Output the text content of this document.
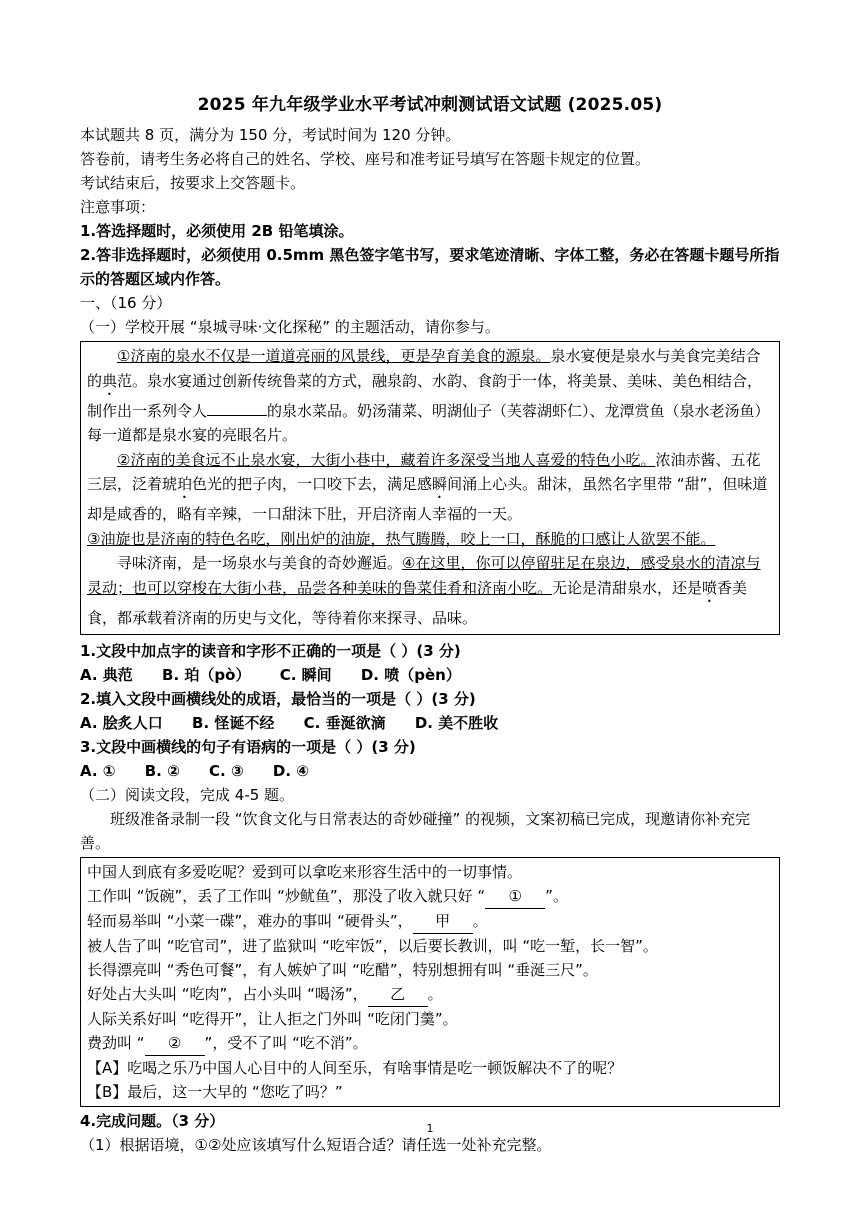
2025 年九年级学业水平考试冲刺测试语文试题 (2025.05)
本试题共 8 页，满分为 150 分，考试时间为 120 分钟。
答卷前，请考生务必将自己的姓名、学校、座号和准考证号填写在答题卡规定的位置。
考试结束后，按要求上交答题卡。
注意事项：
1.答选择题时，必须使用 2B 铅笔填涂。
2.答非选择题时，必须使用 0.5mm 黑色签字笔书写，要求笔迹清晰、字体工整，务必在答题卡题号所指示的答题区域内作答。
一、（16 分）
（一）学校开展 “泉城寻味·文化探秘” 的主题活动，请你参与。
①济南的泉水不仅是一道道亮丽的风景线，更是孕育美食的源泉。泉水宴便是泉水与美食完美结合的典范。泉水宴通过创新传统鲁菜的方式，融泉韵、水韵、食韵于一体，将美景、美味、美色相结合，制作出一系列令人	的泉水菜品。奶汤蒲菜、明湖仙子（芙蓉湖虾仁）、龙潭赏鱼（泉水老汤鱼）每一道都是泉水宴的亮眼名片。
②济南的美食远不止泉水宴，大街小巷中，藏着许多深受当地人喜爱的特色小吃。浓油赤酱、五花三层，泛着琥珀色光的把子肉，一口咬下去，满足感瞬间涌上心头。甜沫，虽然名字里带 “甜”，但味道却是咸香的，略有辛辣，一口甜沫下肚，开启济南人幸福的一天。
③油旋也是济南的特色名吃，刚出炉的油旋，热气腾腾，咬上一口，酥脆的口感让人欲罢不能。
寻味济南，是一场泉水与美食的奇妙邂逅。④在这里，你可以停留驻足在泉边，感受泉水的清凉与灵动；也可以穿梭在大街小巷，品尝各种美味的鲁菜佳肴和济南小吃。无论是清甜泉水，还是喷香美食，都承载着济南的历史与文化，等待着你来探寻、品味。
1.文段中加点字的读音和字形不正确的一项是（ ）(3 分)
A. 典范 B. 珀（pò） C. 瞬间 D. 喷（pèn）
2.填入文段中画横线处的成语，最恰当的一项是（ ）(3 分)
A. 脍炙人口 B. 怪诞不经 C. 垂涎欲滴 D. 美不胜收
3.文段中画横线的句子有语病的一项是（ ）(3 分)
A. ① B. ② C. ③ D. ④
（二）阅读文段，完成 4-5 题。
班级准备录制一段 “饮食文化与日常表达的奇妙碰撞” 的视频，文案初稿已完成，现邀请你补充完善。
中国人到底有多爱吃呢？爱到可以拿吃来形容生活中的一切事情。
工作叫 “饭碗”，丢了工作叫 “炒鱿鱼”，那没了收入就只好 “ ① ”。
轻而易举叫 “小菜一碟”，难办的事叫 “硬骨头”， 甲 。
被人告了叫 “吃官司”，进了监狱叫 “吃牢饭”，以后要长教训，叫 “吃一堑，长一智”。
长得漂亮叫 “秀色可餐”，有人嫉妒了叫 “吃醋”，特别想拥有叫 “垂涎三尺”。
好处占大头叫 “吃肉”，占小头叫 “喝汤”， 乙 。
人际关系好叫 “吃得开”，让人拒之门外叫 “吃闭门羹”。
费劲叫 “ ② ”，受不了叫 “吃不消”。
【A】吃喝之乐乃中国人心目中的人间至乐，有啥事情是吃一顿饭解决不了的呢？
【B】最后，这一大早的 “您吃了吗？”
4.完成问题。（3 分）
（1）根据语境，①②处应该填写什么短语合适？请任选一处补充完整。
1
